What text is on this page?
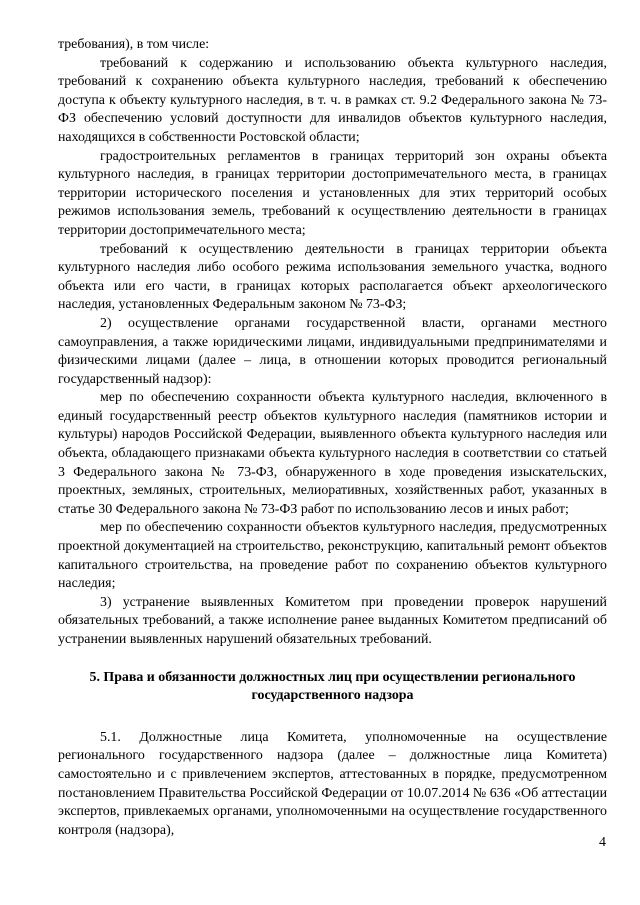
требования), в том числе:

требований к содержанию и использованию объекта культурного наследия, требований к сохранению объекта культурного наследия, требований к обеспечению доступа к объекту культурного наследия, в т. ч. в рамках ст. 9.2 Федерального закона № 73-ФЗ обеспечению условий доступности для инвалидов объектов культурного наследия, находящихся в собственности Ростовской области;

градостроительных регламентов в границах территорий зон охраны объекта культурного наследия, в границах территории достопримечательного места, в границах территории исторического поселения и установленных для этих территорий особых режимов использования земель, требований к осуществлению деятельности в границах территории достопримечательного места;

требований к осуществлению деятельности в границах территории объекта культурного наследия либо особого режима использования земельного участка, водного объекта или его части, в границах которых располагается объект археологического наследия, установленных Федеральным законом № 73-ФЗ;

2) осуществление органами государственной власти, органами местного самоуправления, а также юридическими лицами, индивидуальными предпринимателями и физическими лицами (далее – лица, в отношении которых проводится региональный государственный надзор):

мер по обеспечению сохранности объекта культурного наследия, включенного в единый государственный реестр объектов культурного наследия (памятников истории и культуры) народов Российской Федерации, выявленного объекта культурного наследия или объекта, обладающего признаками объекта культурного наследия в соответствии со статьей 3 Федерального закона № 73-ФЗ, обнаруженного в ходе проведения изыскательских, проектных, земляных, строительных, мелиоративных, хозяйственных работ, указанных в статье 30 Федерального закона № 73-ФЗ работ по использованию лесов и иных работ;

мер по обеспечению сохранности объектов культурного наследия, предусмотренных проектной документацией на строительство, реконструкцию, капитальный ремонт объектов капитального строительства, на проведение работ по сохранению объектов культурного наследия;

3) устранение выявленных Комитетом при проведении проверок нарушений обязательных требований, а также исполнение ранее выданных Комитетом предписаний об устранении выявленных нарушений обязательных требований.

5. Права и обязанности должностных лиц при осуществлении регионального государственного надзора

5.1. Должностные лица Комитета, уполномоченные на осуществление регионального государственного надзора (далее – должностные лица Комитета) самостоятельно и с привлечением экспертов, аттестованных в порядке, предусмотренном постановлением Правительства Российской Федерации от 10.07.2014 № 636 «Об аттестации экспертов, привлекаемых органами, уполномоченными на осуществление государственного контроля (надзора),

4
